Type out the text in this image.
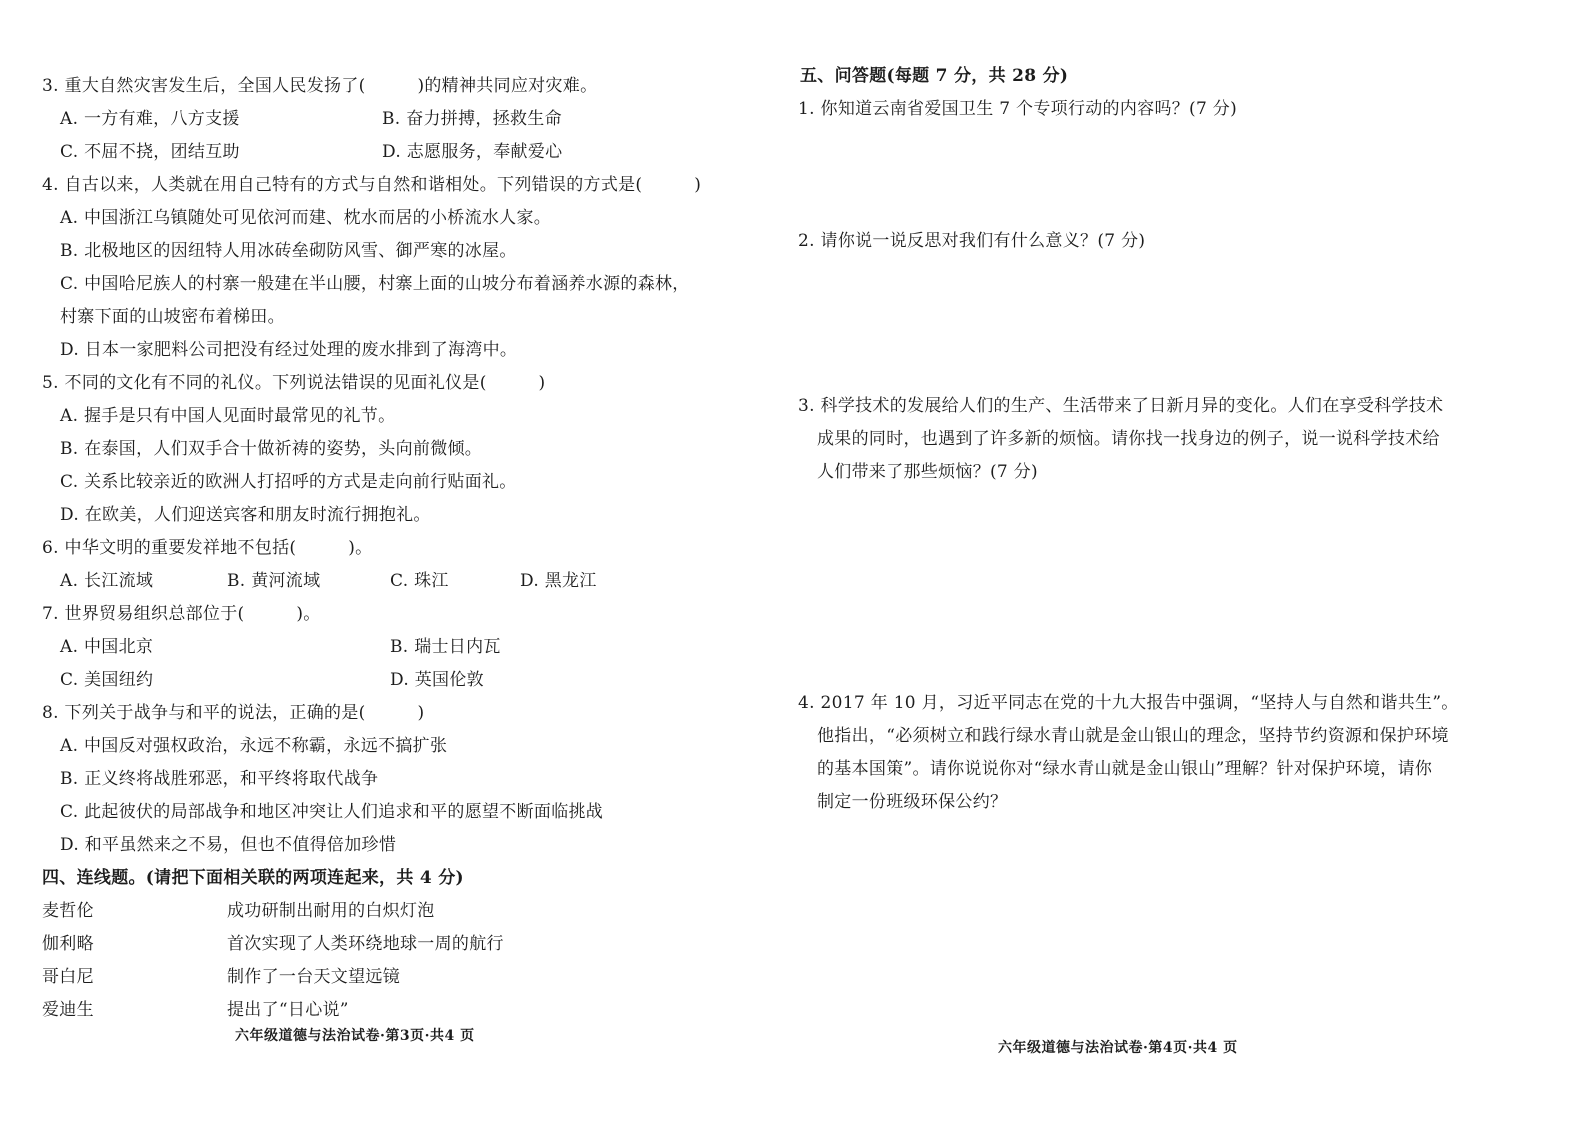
3. 重大自然灾害发生后，全国人民发扬了(　　　)的精神共同应对灾难。
A. 一方有难，八方支援	B. 奋力拼搏，拯救生命
C. 不屈不挠，团结互助	D. 志愿服务，奉献爱心
4. 自古以来，人类就在用自己特有的方式与自然和谐相处。下列错误的方式是(　　　)
A. 中国浙江乌镇随处可见依河而建、枕水而居的小桥流水人家。
B. 北极地区的因纽特人用冰砖垒砌防风雪、御严寒的冰屋。
C. 中国哈尼族人的村寨一般建在半山腰，村寨上面的山坡分布着涵养水源的森林，
村寨下面的山坡密布着梯田。
D. 日本一家肥料公司把没有经过处理的废水排到了海湾中。
5. 不同的文化有不同的礼仪。下列说法错误的见面礼仪是(　　　)
A. 握手是只有中国人见面时最常见的礼节。
B. 在泰国，人们双手合十做祈祷的姿势，头向前微倾。
C. 关系比较亲近的欧洲人打招呼的方式是走向前行贴面礼。
D. 在欧美，人们迎送宾客和朋友时流行拥抱礼。
6. 中华文明的重要发祥地不包括(　　　)。
A. 长江流域	B. 黄河流域	C. 珠江	D. 黑龙江
7. 世界贸易组织总部位于(　　　)。
A. 中国北京	B. 瑞士日内瓦
C. 美国纽约	D. 英国伦敦
8. 下列关于战争与和平的说法，正确的是(　　　)
A. 中国反对强权政治，永远不称霸，永远不搞扩张
B. 正义终将战胜邪恶，和平终将取代战争
C. 此起彼伏的局部战争和地区冲突让人们追求和平的愿望不断面临挑战
D. 和平虽然来之不易，但也不值得倍加珍惜
四、连线题。(请把下面相关联的两项连起来，共 4 分)
麦哲伦	成功研制出耐用的白炽灯泡
伽利略	首次实现了人类环绕地球一周的航行
哥白尼	制作了一台天文望远镜
爱迪生	提出了“日心说”
六年级道德与法治试卷·第3页·共4 页
五、问答题(每题 7 分，共 28 分)
1. 你知道云南省爱国卫生 7 个专项行动的内容吗？(7 分)
2. 请你说一说反思对我们有什么意义？(7 分)
3. 科学技术的发展给人们的生产、生活带来了日新月异的变化。人们在享受科学技术
成果的同时，也遇到了许多新的烦恼。请你找一找身边的例子，说一说科学技术给
人们带来了那些烦恼？(7 分)
4. 2017 年 10 月，习近平同志在党的十九大报告中强调，“坚持人与自然和谐共生”。
他指出，“必须树立和践行绿水青山就是金山银山的理念，坚持节约资源和保护环境
的基本国策”。请你说说你对“绿水青山就是金山银山”理解？针对保护环境，请你
制定一份班级环保公约？
六年级道德与法治试卷·第4页·共4 页
